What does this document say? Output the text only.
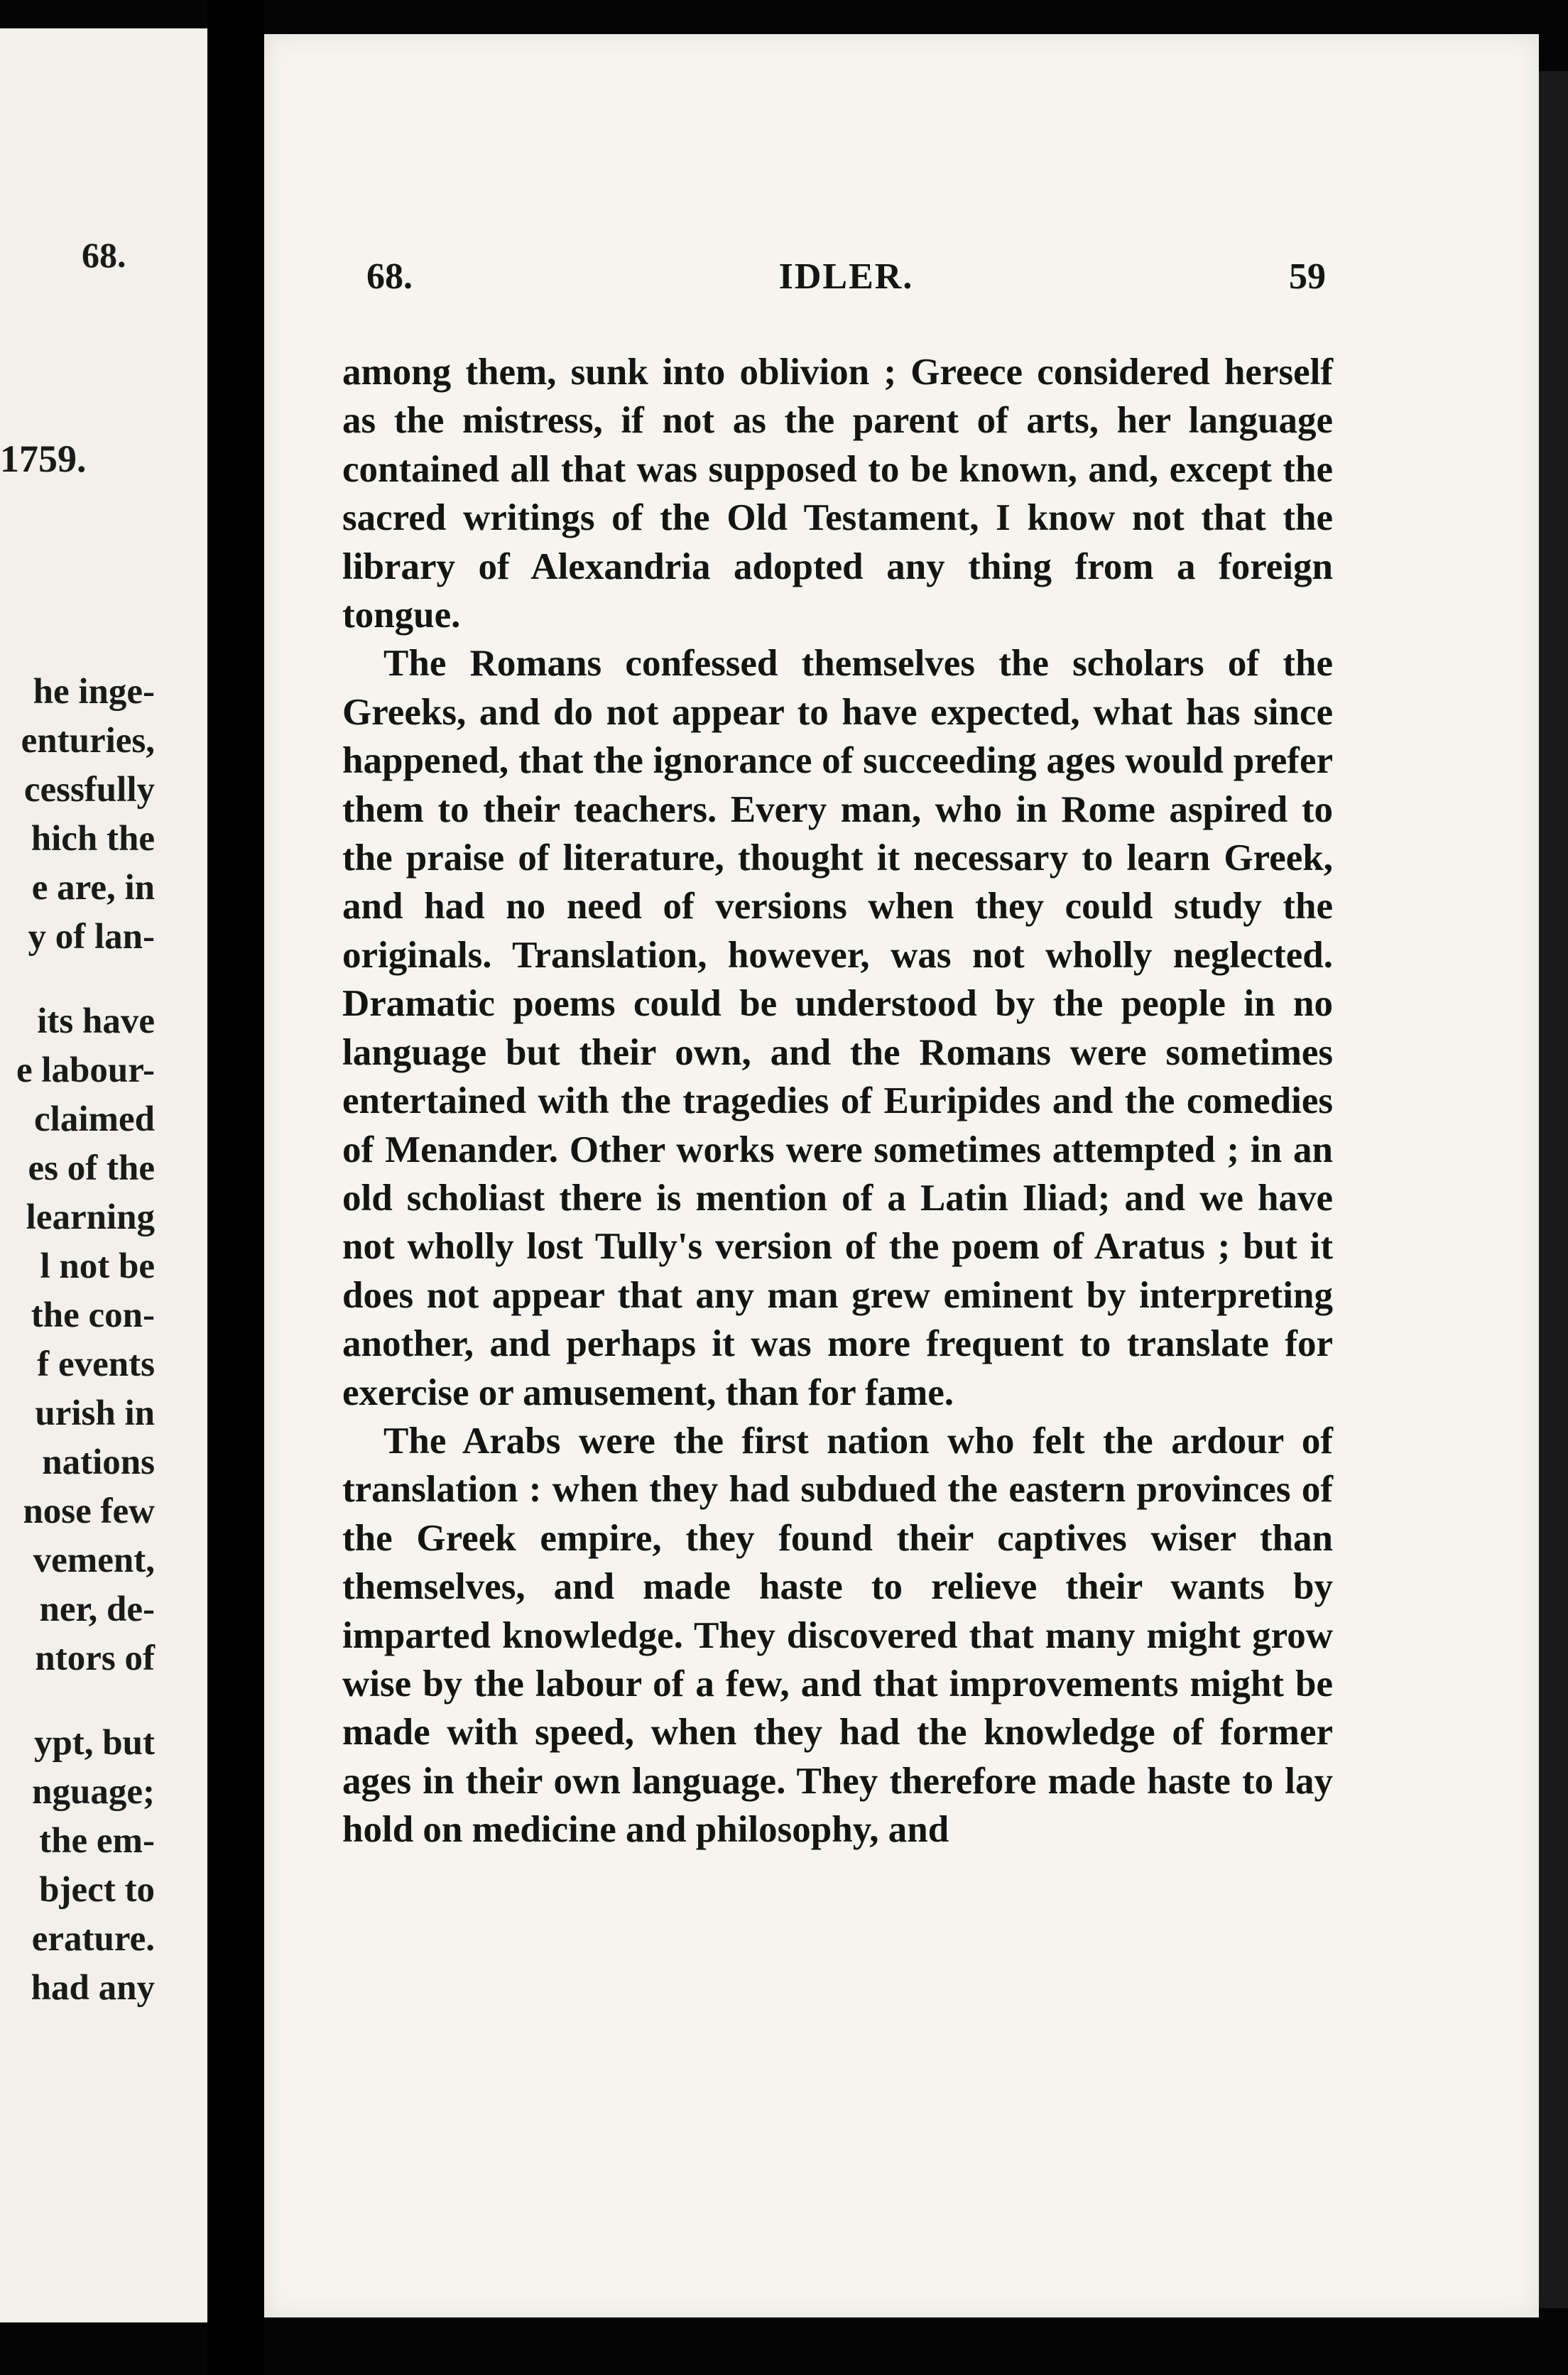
68.
1759.
he inge-
enturies,
cessfully
hich the
e are, in
y of lan-
its have
e labour-
claimed
es of the
learning
l not be
the con-
f events
urish in
nations
nose few
vement,
ner, de-
ntors of
ypt, but
nguage;
the em-
bject to
erature.
had any
68.	IDLER.	59

among them, sunk into oblivion ; Greece considered herself as the mistress, if not as the parent of arts, her language contained all that was supposed to be known, and, except the sacred writings of the Old Testament, I know not that the library of Alexandria adopted any thing from a foreign tongue.

The Romans confessed themselves the scholars of the Greeks, and do not appear to have expected, what has since happened, that the ignorance of succeeding ages would prefer them to their teachers. Every man, who in Rome aspired to the praise of literature, thought it necessary to learn Greek, and had no need of versions when they could study the originals. Translation, however, was not wholly neglected. Dramatic poems could be understood by the people in no language but their own, and the Romans were sometimes entertained with the tragedies of Euripides and the comedies of Menander. Other works were sometimes attempted ; in an old scholiast there is mention of a Latin Iliad; and we have not wholly lost Tully's version of the poem of Aratus ; but it does not appear that any man grew eminent by interpreting another, and perhaps it was more frequent to translate for exercise or amusement, than for fame.

The Arabs were the first nation who felt the ardour of translation : when they had subdued the eastern provinces of the Greek empire, they found their captives wiser than themselves, and made haste to relieve their wants by imparted knowledge. They discovered that many might grow wise by the labour of a few, and that improvements might be made with speed, when they had the knowledge of former ages in their own language. They therefore made haste to lay hold on medicine and philosophy, and
